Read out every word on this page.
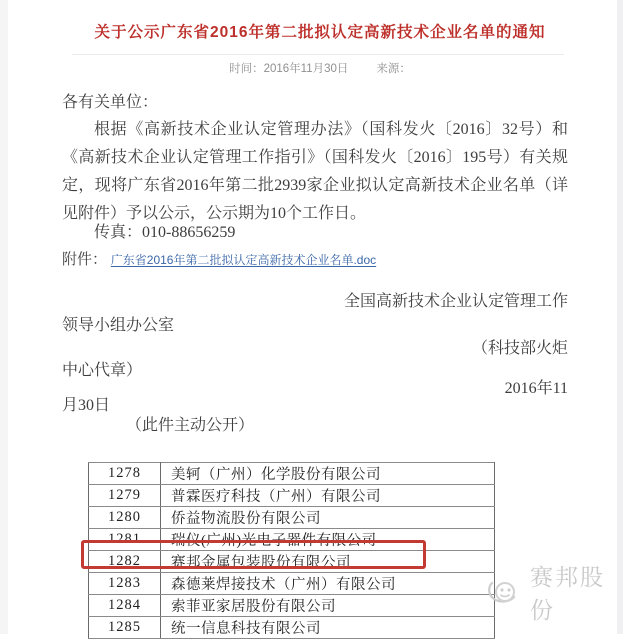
关于公示广东省2016年第二批拟认定高新技术企业名单的通知
时间：2016年11月30日 来源：
各有关单位：
根据《高新技术企业认定管理办法》（国科发火〔2016〕32号）和《高新技术企业认定管理工作指引》（国科发火〔2016〕195号）有关规定，现将广东省2016年第二批2939家企业拟认定高新技术企业名单（详见附件）予以公示，公示期为10个工作日。
传真：010-88656259
附件： 广东省2016年第二批拟认定高新技术企业名单.doc
全国高新技术企业认定管理工作
领导小组办公室
（科技部火炬
中心代章）
2016年11
月30日
（此件主动公开）
1278	美轲（广州）化学股份有限公司
1279	普霖医疗科技（广州）有限公司
1280	侨益物流股份有限公司
1281	瑞仪(广州)光电子器件有限公司
1282	赛邦金属包装股份有限公司
1283	森德莱焊接技术（广州）有限公司
1284	索菲亚家居股份有限公司
1285	统一信息科技有限公司
赛邦股份
